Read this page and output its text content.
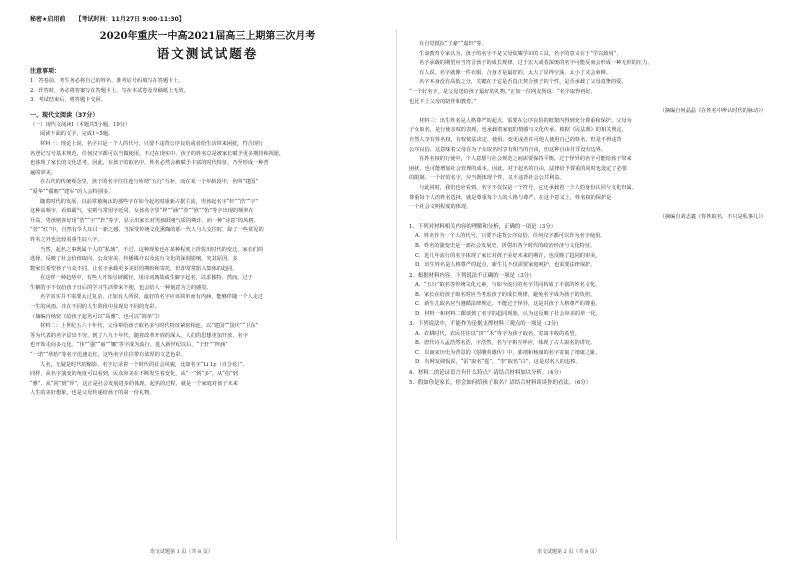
秘密★启用前 【考试时间：11月27日 9:00-11:30】
2020年重庆一中高2021届高三上期第三次月考
语文测试试题卷
注意事项：
1．答卷前，考生务必将自己的姓名、准考证号码填写在答题卡上。
2．作答时，务必将答案写在答题卡上。写在本试卷及草稿纸上无效。
3．考试结束后，将答题卡交回。
一、现代文阅读（37分）
（一）现代文阅读Ⅰ（本题共5小题，19分）
阅读下面的文字，完成1~5题。
材料一：理论上说，名字只是一个人的代号。只要不违背公序良俗或者给生活带来困扰，符合现行
名登记写号基本规范，任何汉字都可以当做使用。不过在现实中，孩子的姓名总是被家长赋予更多期待和祝愿，
也体现了家长的文化思考。因此，在孩子的取名中，姓名必然会被赋予丰富的时代特征，乃至形成一种普
遍的审美。
在古代的传统观念里，孩子的名字往往连与所谓“五行”互补，而在某一个年龄段中，名叫“建国”
“爱华”“援朝”“建军”的人会特别多。
随着时代的发展，以前常被淘汰的那些字在如今起名时重新占据主流，男孩起名字“轩”“浩”“宇”
这种高频字，看似霸气，实则与常用字近同。女孩名字里“梓”“涵”“萱”“欣”“怡”等字出现的频率在
升高。男孩则喜好用“浩”“宇”“轩”等字，显示出家长对男孩阳刚气质的期许。而一种“诗意”的风格，
“萱”“红”中，自然有令人耳目一新之感。当深受传统文化熏陶的那一代人与人交往时，除了一些常见的
姓名之外也比较看重生辰八字。
当然，起名之事既属个人的“私域”，不过，这种现象也在某种程度上折射出时代的变迁。家长们的
选择，反映了社会价值取向、公众审美、传播媒介以及流行文化的深刻影响。究其原因，多
数家长希望孩子与众不同，让名字承载更多美好的期盼和寄托，但却常常陷入集体的趋同。
在这样一种趋势中，有些人开始另辟蹊径，用诗词典故或生僻字起名，以求独特。然而，过于
生僻的字不仅给孩子日后的学习生活带来不便，也会给人一种刻意为之的感觉。
名字其实并不需要太过复杂。正如有人所说，最好的名字应该简单而有内涵，能够伴随一个人走过
一生的风雨，并在不同的人生阶段中显现出不同的光彩。
（摘编自杨密《给孩子起名可以“高雅”，也可以“简单”》）
材料二：上世纪五六十年代，父母辈给孩子取名多与时代特征紧密相连，以“建国”“国庆”“卫东”
等为代表的名字层出不穷。到了八九十年代，随着改革开放的深入，人们的思想更加开放，名字
也开始走向多元化。“伟”“强”“丽”“娜”等字成为流行。进入新世纪以后，“子轩”“梓涵”
“一诺”“欣怡”等名字迅速走红，这些名字往往带有浓厚的文艺色彩。
人名，无疑是时代的缩影。名字记录着一个时代的社会风貌，比如名字“Li Ly（百合花）”。
同样，从名字演变的角度可以看到，民众审美在不断发生着变化，从“一”到“多”，从“俗”到
“雅”，从“同”到“异”，这正是社会发展进步的体现。起名的过程，就是一个家庭对孩子未来
人生的美好想象，也是父母传递给孩子的第一份礼物。
语文试题第 1 页（共 8 页）
在自觉抵抗“子豪”“嘉轩”等。
生命教育专家认为，孩子的名字不是父母炫耀学识的工具，名字的意义在于“学以致用”，
名字承载的期望应当符合孩子的成长规律，过于宏大或者深奥的名字可能反而会形成一种无形的压力。
有人说，名字就像一件衣服，合身才是最好的。太大了显得空荡，太小了又会束缚。
名字本身没有高低之分，关键在于它是否真正契合孩子的个性，是否承载了父母真挚的爱。
“一个好名字，是父母送给孩子最好的礼物。”正如一位网友所说：“名字取得再好，
也比不上父母的陪伴和教育。”
（摘编自何晶晶《在姓名中辨认时代的脉动》）
材料三：出生姓名是人格尊严的起点，需要在公序良俗的框架内得到充分尊重和保护。父母为
子女取名，是行使亲权的表现，也承载着家庭的情感与文化传承。根据《民法典》的相关规定，
自然人享有姓名权，有权依法决定、使用、变更或者许可他人使用自己的姓名，但是不得违背
公序良俗。这意味着父母在为子女取名时享有相当的自由，但这种自由并非没有边界。
在姓名权的行使中，个人意愿与社会规范之间需要保持平衡。过于怪异的名字可能给孩子带来
困扰，也可能增加社会管理的成本。因此，对于起名的自由，法律给予尊重的同时也设定了必要
的限制。一个好的名字，应当既体现个性，又不违背社会公共利益。
与此同时，我们也应看到，名字不仅仅是一个符号，它还承载着一个人的身份认同与文化归属。
尊重每个人的姓名选择，就是尊重每个人的人格与尊严。在这个意义上，姓名权的保护是
一个社会文明程度的体现。
（摘编自刘志鑫《你姓取名，不只是私事儿》）
1．下列对材料相关内容的理解和分析，正确的一项是（3分）
A．姓名作为一个人的代号，只要不违背公序良俗，任何汉字都可以作为名字使用。
B．姓名的演变史是一部社会发展史，折射出各个时代的政治经济与文化特征。
C．近几年流行的名字体现了家长对孩子美好未来的期许，也反映了趋同的审美。
D．出生姓名是人格尊严的起点，新生儿不仅需要家庭呵护，也需要法律保护。
2．根据材料内容，下列说法不正确的一项是（3分）
A．“五行”取名等传统文化元素，与如今流行的名字共同构成了丰富的姓名文化。
B．家长在给孩子取名时应当考虑孩子的成长规律，避免名字成为孩子的负担。
C．新生儿取名应当遵循法律规定，不能过于怪异，这是对孩子人格尊严的尊重。
D．材料一和材料二都谈到了名字的趋同现象，认为这反映了社会审美的单一化。
3．下列说法中，不能作为论据支撑材料三观点的一项是（3分）
A．农耕时代，农民往往以“田”“禾”等字为孩子取名，寄寓丰收的希望。
B．唐代诗人孟浩然名浩，字浩然，名与字相互呼应，体现了古人取名的讲究。
C．以南宋历史为背景的《射雕英雄传》中，郭靖和杨康的名字寄寓了靖康之耻。
D．有网友调侃说，“雷”取名“霆”，“李”取名“白”，这是对名人的追捧。
4．材料二的论证语言有什么特点？请结合材料加以分析。（4分）
5．假如你是家长，你会如何给孩子取名？请结合材料谈谈你的看法。（6分）
语文试题第 2 页（共 8 页）
